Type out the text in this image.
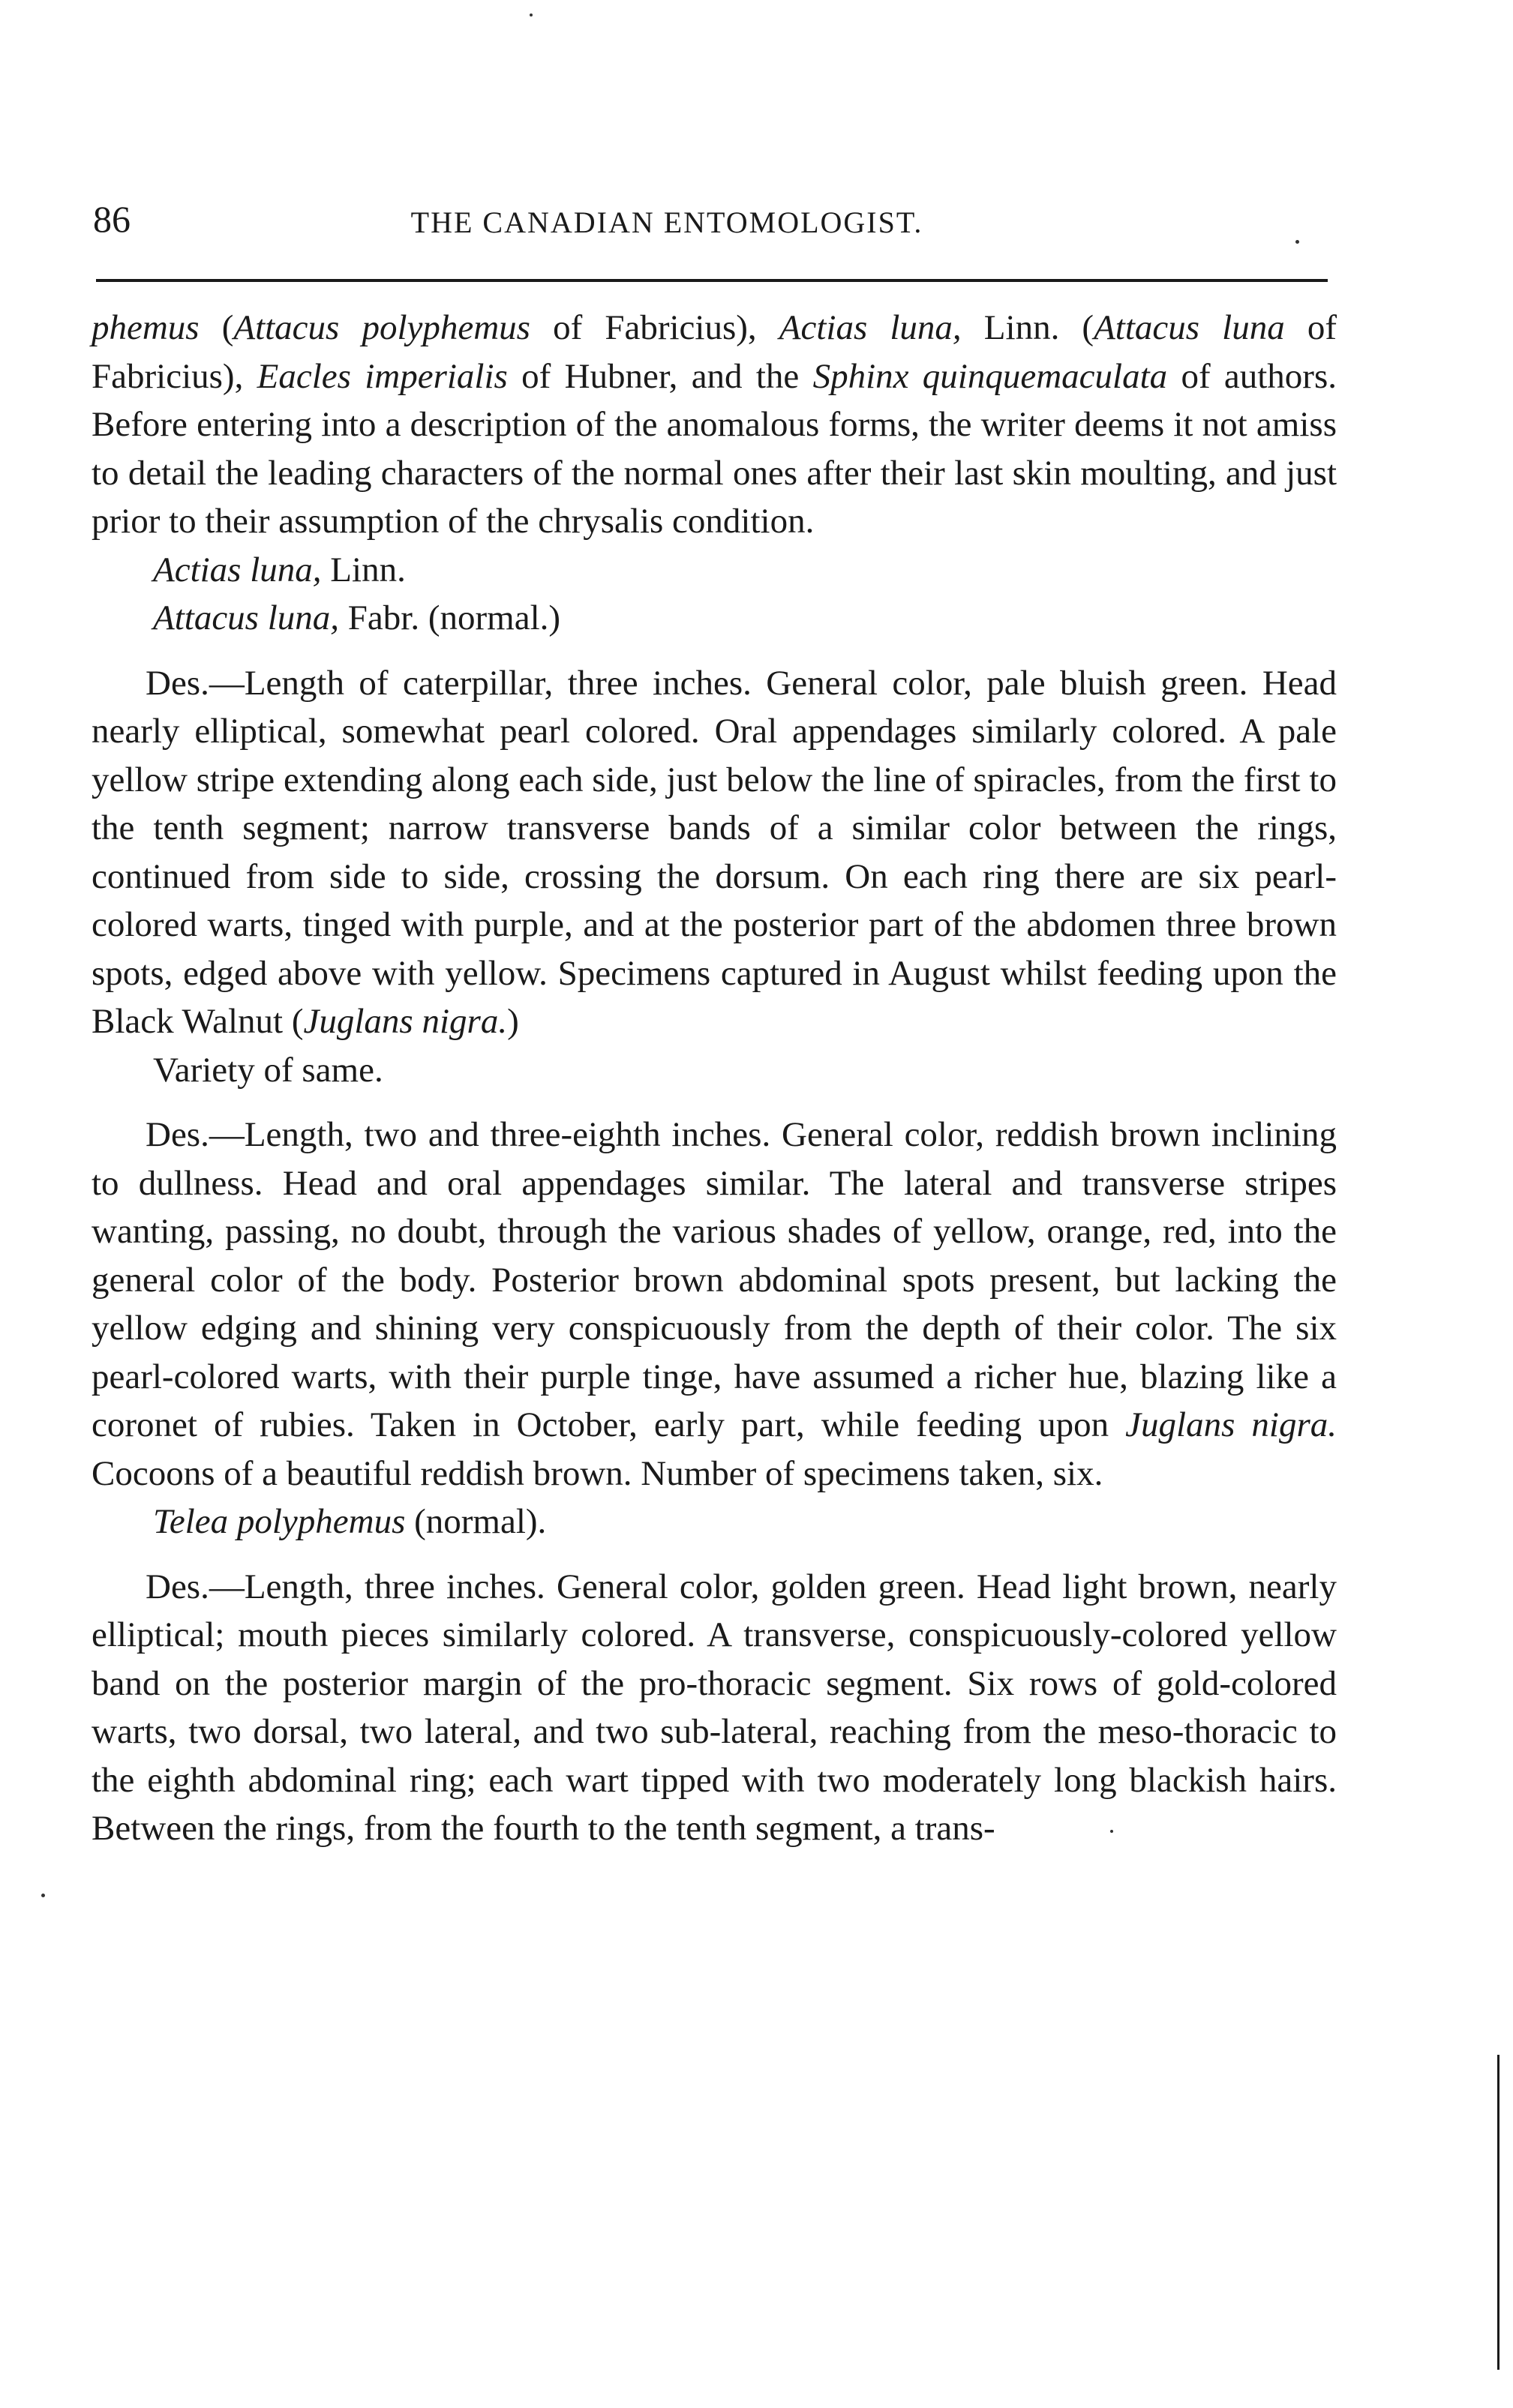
86	THE CANADIAN ENTOMOLOGIST.

phemus (Attacus polyphemus of Fabricius), Actias luna, Linn. (Attacus luna of Fabricius), Eacles imperialis of Hubner, and the Sphinx quinquemaculata of authors. Before entering into a description of the anomalous forms, the writer deems it not amiss to detail the leading characters of the normal ones after their last skin moulting, and just prior to their assumption of the chrysalis condition.

Actias luna, Linn.

Attacus luna, Fabr. (normal.)

Des.—Length of caterpillar, three inches. General color, pale bluish green. Head nearly elliptical, somewhat pearl colored. Oral appendages similarly colored. A pale yellow stripe extending along each side, just below the line of spiracles, from the first to the tenth segment; narrow transverse bands of a similar color between the rings, continued from side to side, crossing the dorsum. On each ring there are six pearl-colored warts, tinged with purple, and at the posterior part of the abdomen three brown spots, edged above with yellow. Specimens captured in August whilst feeding upon the Black Walnut (Juglans nigra.)

Variety of same.

Des.—Length, two and three-eighth inches. General color, reddish brown inclining to dullness. Head and oral appendages similar. The lateral and transverse stripes wanting, passing, no doubt, through the various shades of yellow, orange, red, into the general color of the body. Posterior brown abdominal spots present, but lacking the yellow edging and shining very conspicuously from the depth of their color. The six pearl-colored warts, with their purple tinge, have assumed a richer hue, blazing like a coronet of rubies. Taken in October, early part, while feeding upon Juglans nigra. Cocoons of a beautiful reddish brown. Number of specimens taken, six.

Telea polyphemus (normal).

Des.—Length, three inches. General color, golden green. Head light brown, nearly elliptical; mouth pieces similarly colored. A transverse, conspicuously-colored yellow band on the posterior margin of the pro-thoracic segment. Six rows of gold-colored warts, two dorsal, two lateral, and two sub-lateral, reaching from the meso-thoracic to the eighth abdominal ring; each wart tipped with two moderately long blackish hairs. Between the rings, from the fourth to the tenth segment, a trans-
